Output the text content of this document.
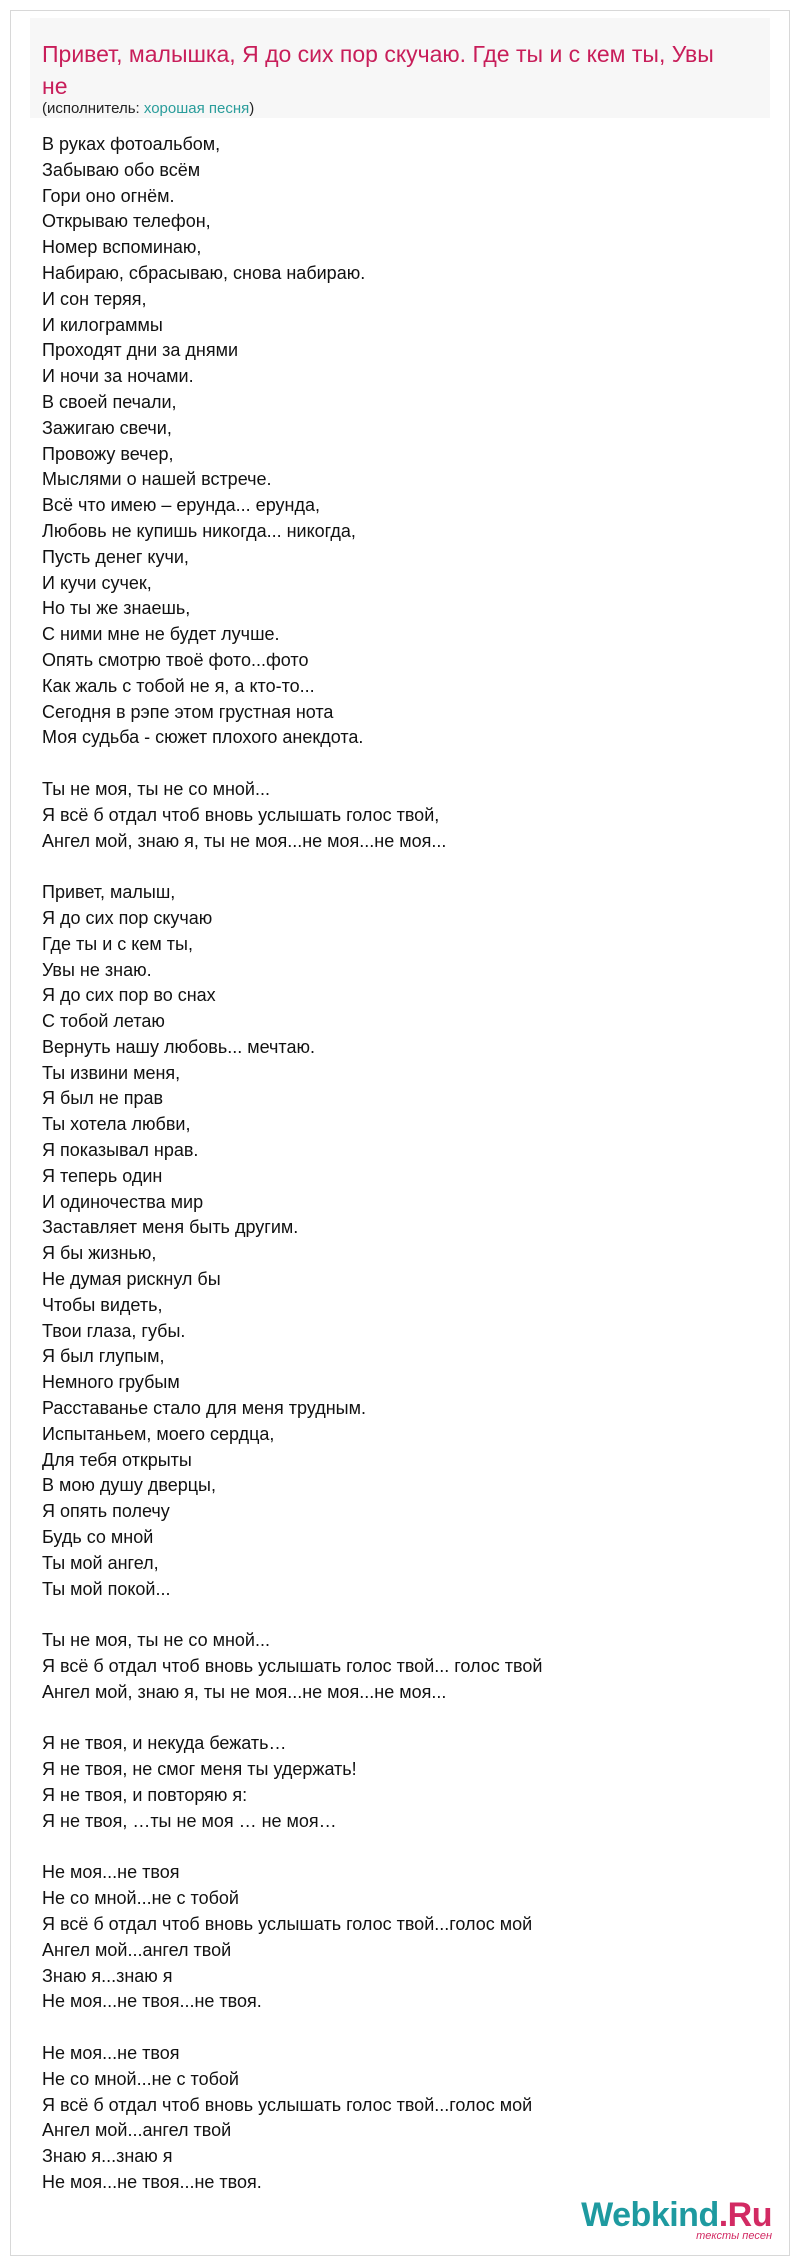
Привет, малышка, Я до сих пор скучаю. Где ты и с кем ты, Увы
не
(исполнитель: хорошая песня)
В руках фотоальбом,
Забываю обо всём
Гори оно огнём.
Открываю телефон,
Номер вспоминаю,
Набираю, сбрасываю, снова набираю.
И сон теряя,
И килограммы
Проходят дни за днями
И ночи за ночами.
В своей печали,
Зажигаю свечи,
Провожу вечер,
Мыслями о нашей встрече.
Всё что имею – ерунда... ерунда,
Любовь не купишь никогда... никогда,
Пусть денег кучи,
И кучи сучек,
Но ты же знаешь,
С ними мне не будет лучше.
Опять смотрю твоё фото...фото
Как жаль с тобой не я, а кто-то...
Сегодня в рэпе этом грустная нота
Моя судьба - сюжет плохого анекдота.

Ты не моя, ты не со мной...
Я всё б отдал чтоб вновь услышать голос твой,
Ангел мой, знаю я, ты не моя...не моя...не моя...

Привет, малыш,
Я до сих пор скучаю
Где ты и с кем ты,
Увы не знаю.
Я до сих пор во снах
С тобой летаю
Вернуть нашу любовь... мечтаю.
Ты извини меня,
Я был не прав
Ты хотела любви,
Я показывал нрав.
Я теперь один
И одиночества мир
Заставляет меня быть другим.
Я бы жизнью,
Не думая рискнул бы
Чтобы видеть,
Твои глаза, губы.
Я был глупым,
Немного грубым
Расставанье стало для меня трудным.
Испытаньем, моего сердца,
Для тебя открыты
В мою душу дверцы,
Я опять полечу
Будь со мной
Ты мой ангел,
Ты мой покой...

Ты не моя, ты не со мной...
Я всё б отдал чтоб вновь услышать голос твой... голос твой
Ангел мой, знаю я, ты не моя...не моя...не моя...

Я не твоя, и некуда бежать…
Я не твоя, не смог меня ты удержать!
Я не твоя, и повторяю я:
Я не твоя, …ты не моя … не моя…

Не моя...не твоя
Не со мной...не с тобой
Я всё б отдал чтоб вновь услышать голос твой...голос мой
Ангел мой...ангел твой
Знаю я...знаю я
Не моя...не твоя...не твоя.

Не моя...не твоя
Не со мной...не с тобой
Я всё б отдал чтоб вновь услышать голос твой...голос мой
Ангел мой...ангел твой
Знаю я...знаю я
Не моя...не твоя...не твоя.
Webkind.Ru
тексты песен
